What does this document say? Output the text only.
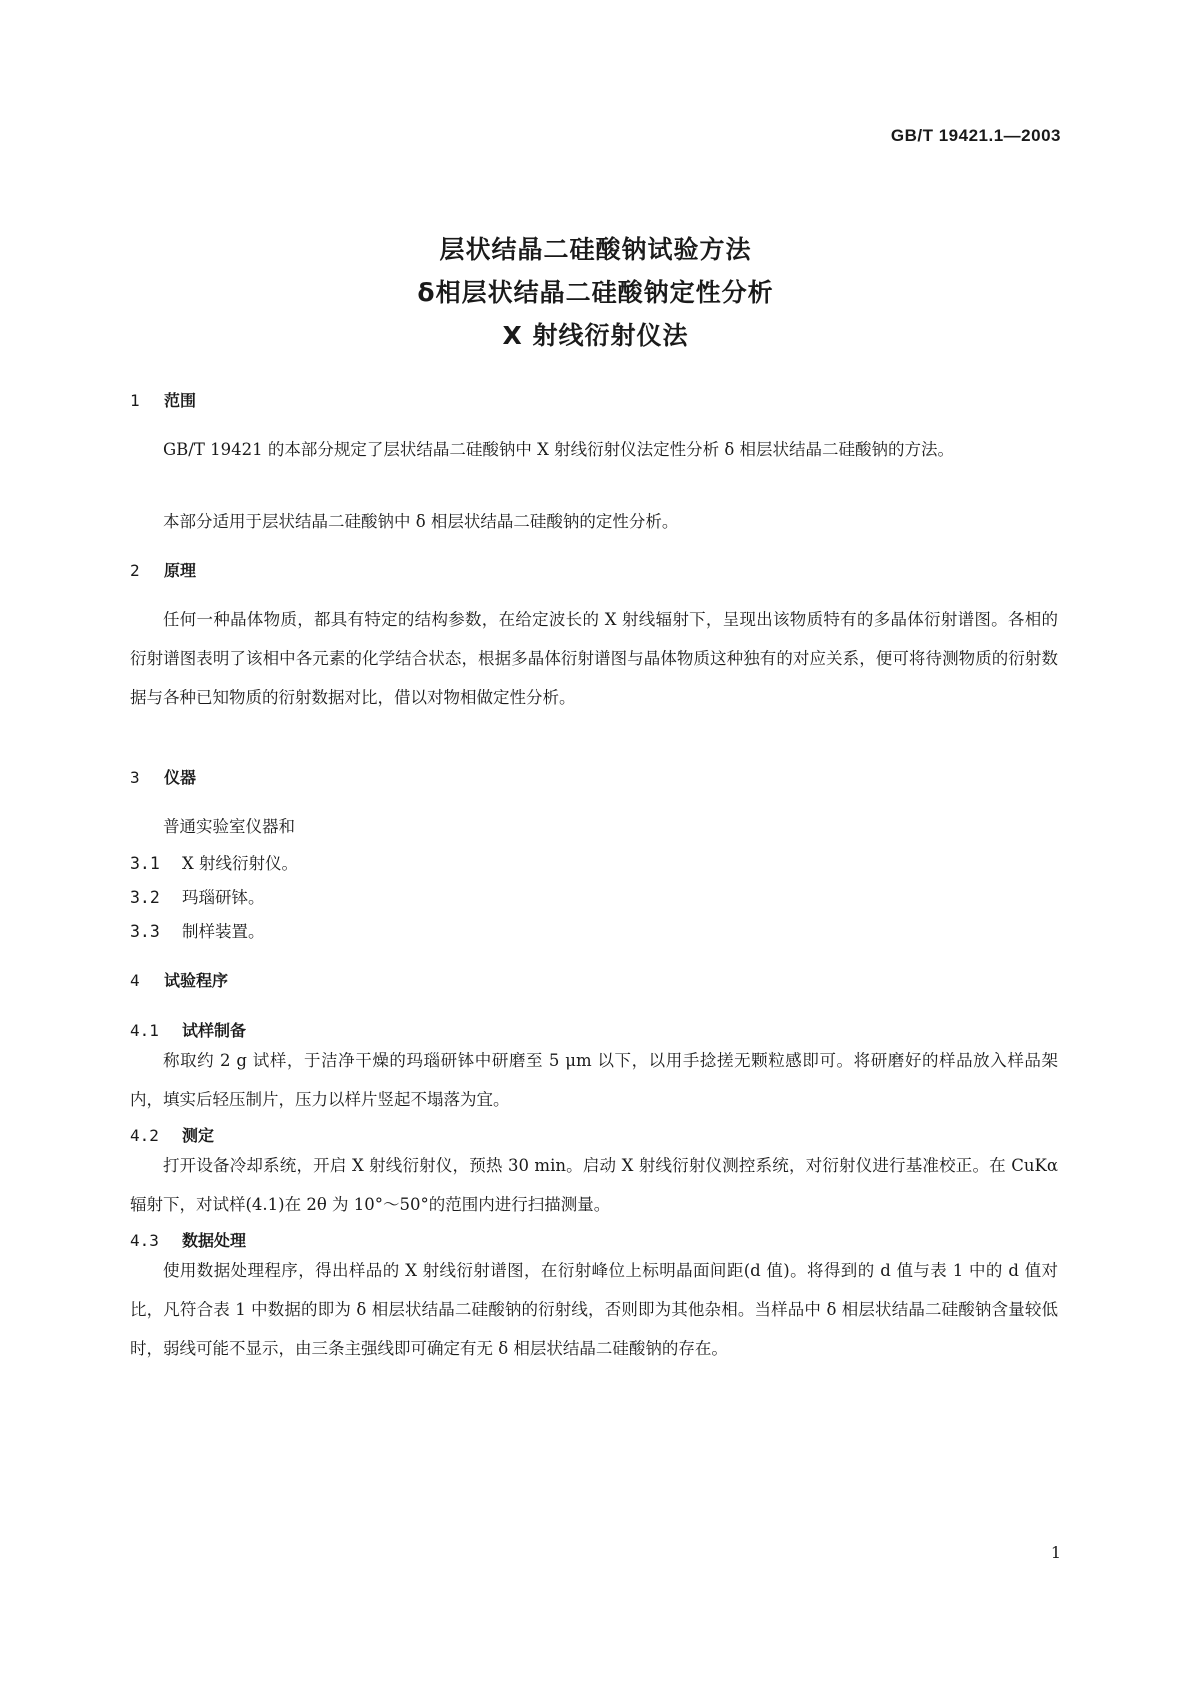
GB/T 19421.1—2003
层状结晶二硅酸钠试验方法
δ相层状结晶二硅酸钠定性分析
X 射线衍射仪法
1 范围
GB/T 19421 的本部分规定了层状结晶二硅酸钠中 X 射线衍射仪法定性分析 δ 相层状结晶二硅酸钠的方法。
本部分适用于层状结晶二硅酸钠中 δ 相层状结晶二硅酸钠的定性分析。
2 原理
任何一种晶体物质，都具有特定的结构参数，在给定波长的 X 射线辐射下，呈现出该物质特有的多晶体衍射谱图。各相的衍射谱图表明了该相中各元素的化学结合状态，根据多晶体衍射谱图与晶体物质这种独有的对应关系，便可将待测物质的衍射数据与各种已知物质的衍射数据对比，借以对物相做定性分析。
3 仪器
普通实验室仪器和
3.1 X 射线衍射仪。
3.2 玛瑙研钵。
3.3 制样装置。
4 试验程序
4.1 试样制备
称取约 2 g 试样，于洁净干燥的玛瑙研钵中研磨至 5 μm 以下，以用手捻搓无颗粒感即可。将研磨好的样品放入样品架内，填实后轻压制片，压力以样片竖起不塌落为宜。
4.2 测定
打开设备冷却系统，开启 X 射线衍射仪，预热 30 min。启动 X 射线衍射仪测控系统，对衍射仪进行基准校正。在 CuKα 辐射下，对试样(4.1)在 2θ 为 10°～50°的范围内进行扫描测量。
4.3 数据处理
使用数据处理程序，得出样品的 X 射线衍射谱图，在衍射峰位上标明晶面间距(d 值)。将得到的 d 值与表 1 中的 d 值对比，凡符合表 1 中数据的即为 δ 相层状结晶二硅酸钠的衍射线，否则即为其他杂相。当样品中 δ 相层状结晶二硅酸钠含量较低时，弱线可能不显示，由三条主强线即可确定有无 δ 相层状结晶二硅酸钠的存在。
1
